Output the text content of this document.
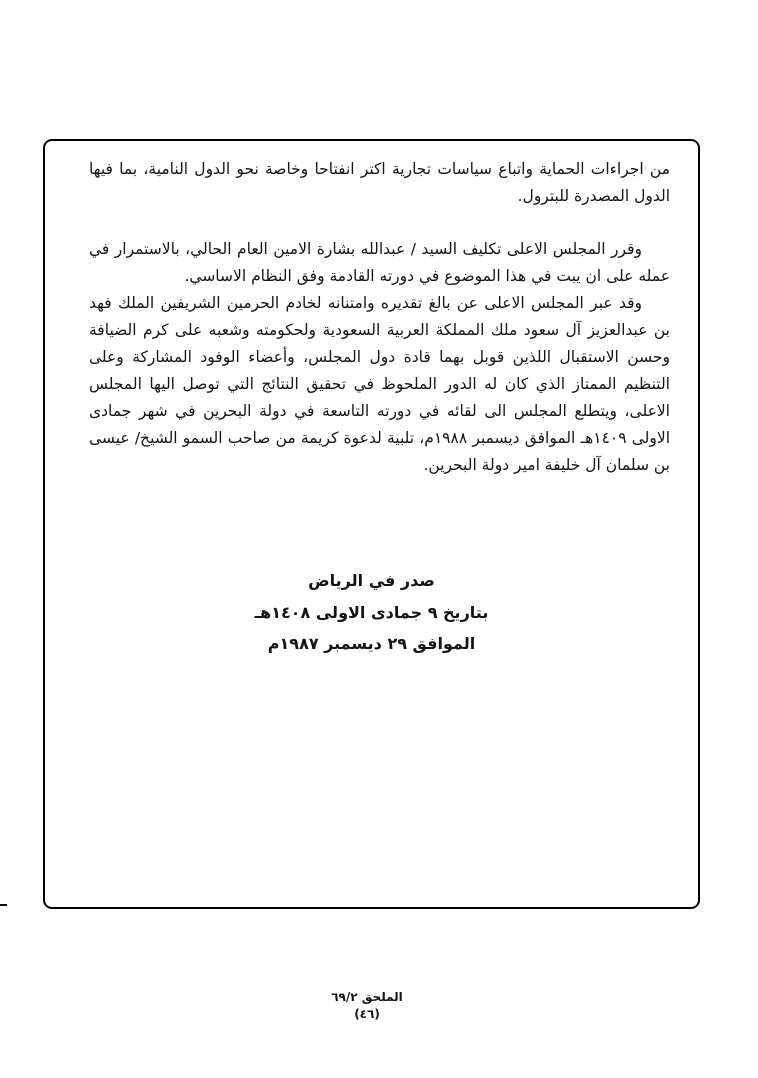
من اجراءات الحماية واتباع سياسات تجارية اكتر انفتاحا وخاصة نحو الدول النامية، بما فيها الدول المصدرة للبترول.

وقرر المجلس الاعلى تكليف السيد / عبدالله بشارة الامين العام الحالي، بالاستمرار في عمله على ان يبت في هذا الموضوع في دورته القادمة وفق النظام الاساسي.

وقد عبر المجلس الاعلى عن بالغ تقديره وامتنانه لخادم الحرمين الشريفين الملك فهد بن عبدالعزيز آل سعود ملك المملكة العربية السعودية ولحكومته وشعبه على كرم الضيافة وحسن الاستقبال اللذين قوبل بهما قادة دول المجلس، وأعضاء الوفود المشاركة وعلى التنظيم الممتاز الذي كان له الدور الملحوظ في تحقيق النتائج التي توصل اليها المجلس الاعلى، ويتطلع المجلس الى لقائه في دورته التاسعة في دولة البحرين في شهر جمادى الاولى ١٤٠٩هـ الموافق ديسمبر ١٩٨٨م، تلبية لدعوة كريمة من صاحب السمو الشيخ/ عيسى بن سلمان آل خليفة امير دولة البحرين.

صدر في الرياض
بتاريخ ٩ جمادى الاولى ١٤٠٨هـ
الموافق ٢٩ ديسمبر ١٩٨٧م
الملحق ٦٩/٢
(٤٦)
